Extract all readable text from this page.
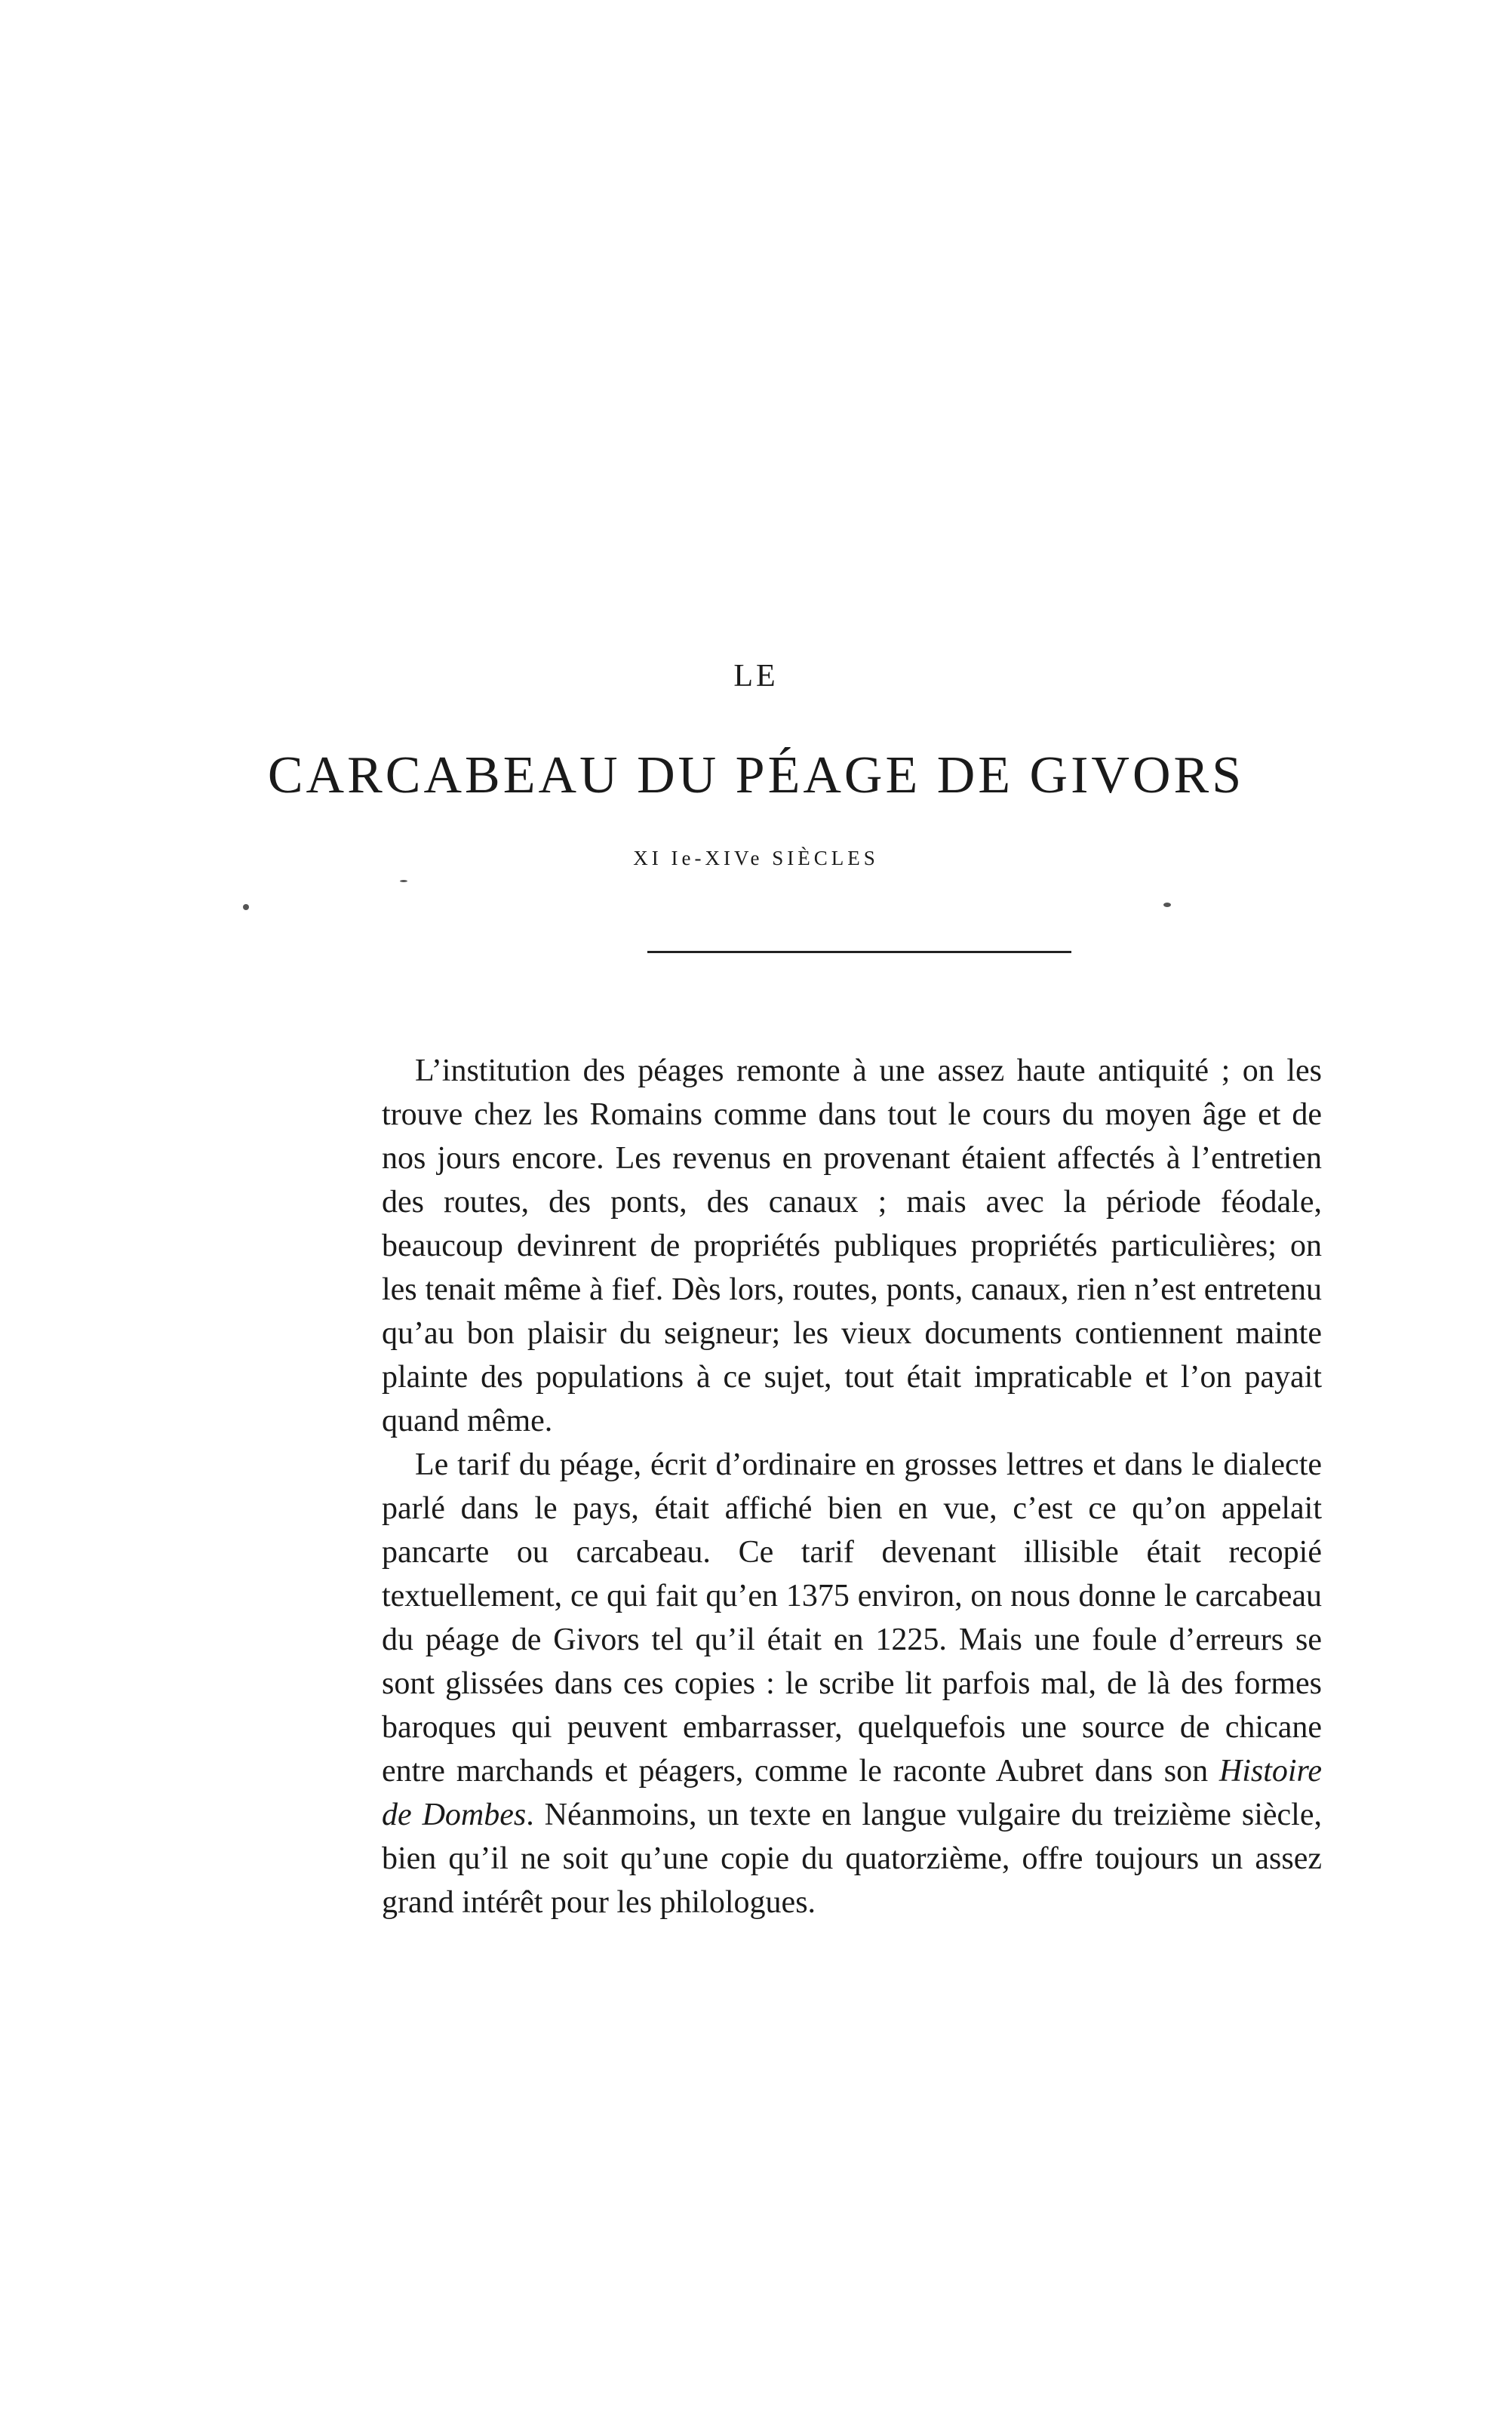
LE
CARCABEAU DU PÉAGE DE GIVORS
XI Ie-XIVe SIÈCLES

L’institution des péages remonte à une assez haute antiquité ; on les trouve chez les Romains comme dans tout le cours du moyen âge et de nos jours encore. Les revenus en provenant étaient affectés à l’entretien des routes, des ponts, des canaux ; mais avec la période féodale, beaucoup devinrent de propriétés publiques propriétés particulières; on les tenait même à fief. Dès lors, routes, ponts, canaux, rien n’est entretenu qu’au bon plaisir du seigneur; les vieux documents contiennent mainte plainte des populations à ce sujet, tout était impraticable et l’on payait quand même.

Le tarif du péage, écrit d’ordinaire en grosses lettres et dans le dialecte parlé dans le pays, était affiché bien en vue, c’est ce qu’on appelait pancarte ou carcabeau. Ce tarif devenant illisible était recopié textuellement, ce qui fait qu’en 1375 environ, on nous donne le carcabeau du péage de Givors tel qu’il était en 1225. Mais une foule d’erreurs se sont glissées dans ces copies : le scribe lit parfois mal, de là des formes baroques qui peuvent embarrasser, quelquefois une source de chicane entre marchands et péagers, comme le raconte Aubret dans son Histoire de Dombes. Néanmoins, un texte en langue vulgaire du treizième siècle, bien qu’il ne soit qu’une copie du quatorzième, offre toujours un assez grand intérêt pour les philologues.
